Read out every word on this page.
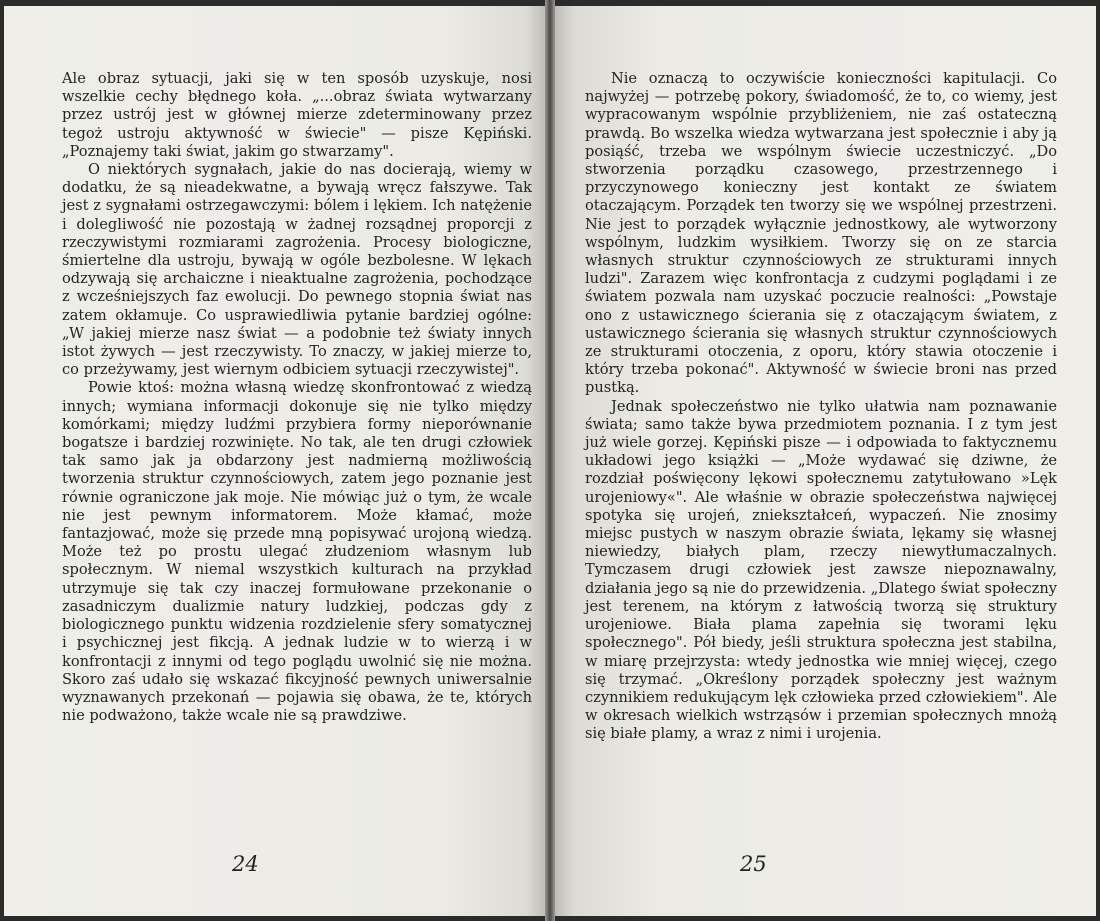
Ale obraz sytuacji, jaki się w ten sposób uzyskuje, nosi wszelkie cechy błędnego koła. „...obraz świata wytwarzany przez ustrój jest w głównej mierze zdeterminowany przez tegoż ustroju aktywność w świecie" — pisze Kępiński. „Poznajemy taki świat, jakim go stwarzamy".

O niektórych sygnałach, jakie do nas docierają, wiemy w dodatku, że są nieadekwatne, a bywają wręcz fałszywe. Tak jest z sygnałami ostrzegawczymi: bólem i lękiem. Ich natężenie i dolegliwość nie pozostają w żadnej rozsądnej proporcji z rzeczywistymi rozmiarami zagrożenia. Procesy biologiczne, śmiertelne dla ustroju, bywają w ogóle bezbolesne. W lękach odzywają się archaiczne i nieaktualne zagrożenia, pochodzące z wcześniejszych faz ewolucji. Do pewnego stopnia świat nas zatem okłamuje. Co usprawiedliwia pytanie bardziej ogólne: „W jakiej mierze nasz świat — a podobnie też światy innych istot żywych — jest rzeczywisty. To znaczy, w jakiej mierze to, co przeżywamy, jest wiernym odbiciem sytuacji rzeczywistej".

Powie ktoś: można własną wiedzę skonfrontować z wiedzą innych; wymiana informacji dokonuje się nie tylko między komórkami; między ludźmi przybiera formy nieporównanie bogatsze i bardziej rozwinięte. No tak, ale ten drugi człowiek tak samo jak ja obdarzony jest nadmierną możliwością tworzenia struktur czynnościowych, zatem jego poznanie jest równie ograniczone jak moje. Nie mówiąc już o tym, że wcale nie jest pewnym informatorem. Może kłamać, może fantazjować, może się przede mną popisywać urojoną wiedzą. Może też po prostu ulegać złudzeniom własnym lub społecznym. W niemal wszystkich kulturach na przykład utrzymuje się tak czy inaczej formułowane przekonanie o zasadniczym dualizmie natury ludzkiej, podczas gdy z biologicznego punktu widzenia rozdzielenie sfery somatycznej i psychicznej jest fikcją. A jednak ludzie w to wierzą i w konfrontacji z innymi od tego poglądu uwolnić się nie można. Skoro zaś udało się wskazać fikcyjność pewnych uniwersalnie wyznawanych przekonań — pojawia się obawa, że te, których nie podważono, także wcale nie są prawdziwe.

24

Nie oznaczą to oczywiście konieczności kapitulacji. Co najwyżej — potrzebę pokory, świadomość, że to, co wiemy, jest wypracowanym wspólnie przybliżeniem, nie zaś ostateczną prawdą. Bo wszelka wiedza wytwarzana jest społecznie i aby ją posiąść, trzeba we wspólnym świecie uczestniczyć. „Do stworzenia porządku czasowego, przestrzennego i przyczynowego konieczny jest kontakt ze światem otaczającym. Porządek ten tworzy się we wspólnej przestrzeni. Nie jest to porządek wyłącznie jednostkowy, ale wytworzony wspólnym, ludzkim wysiłkiem. Tworzy się on ze starcia własnych struktur czynnościowych ze strukturami innych ludzi". Zarazem więc konfrontacja z cudzymi poglądami i ze światem pozwala nam uzyskać poczucie realności: „Powstaje ono z ustawicznego ścierania się z otaczającym światem, z ustawicznego ścierania się własnych struktur czynnościowych ze strukturami otoczenia, z oporu, który stawia otoczenie i który trzeba pokonać". Aktywność w świecie broni nas przed pustką.

Jednak społeczeństwo nie tylko ułatwia nam poznawanie świata; samo także bywa przedmiotem poznania. I z tym jest już wiele gorzej. Kępiński pisze — i odpowiada to faktycznemu układowi jego książki — „Może wydawać się dziwne, że rozdział poświęcony lękowi społecznemu zatytułowano »Lęk urojeniowy«". Ale właśnie w obrazie społeczeństwa najwięcej spotyka się urojeń, zniekształceń, wypaczeń. Nie znosimy miejsc pustych w naszym obrazie świata, lękamy się własnej niewiedzy, białych plam, rzeczy niewytłumaczalnych. Tymczasem drugi człowiek jest zawsze niepoznawalny, działania jego są nie do przewidzenia. „Dlatego świat społeczny jest terenem, na którym z łatwością tworzą się struktury urojeniowe. Biała plama zapełnia się tworami lęku społecznego". Pół biedy, jeśli struktura społeczna jest stabilna, w miarę przejrzysta: wtedy jednostka wie mniej więcej, czego się trzymać. „Określony porządek społeczny jest ważnym czynnikiem redukującym lęk człowieka przed człowiekiem". Ale w okresach wielkich wstrząsów i przemian społecznych mnożą się białe plamy, a wraz z nimi i urojenia.

25
